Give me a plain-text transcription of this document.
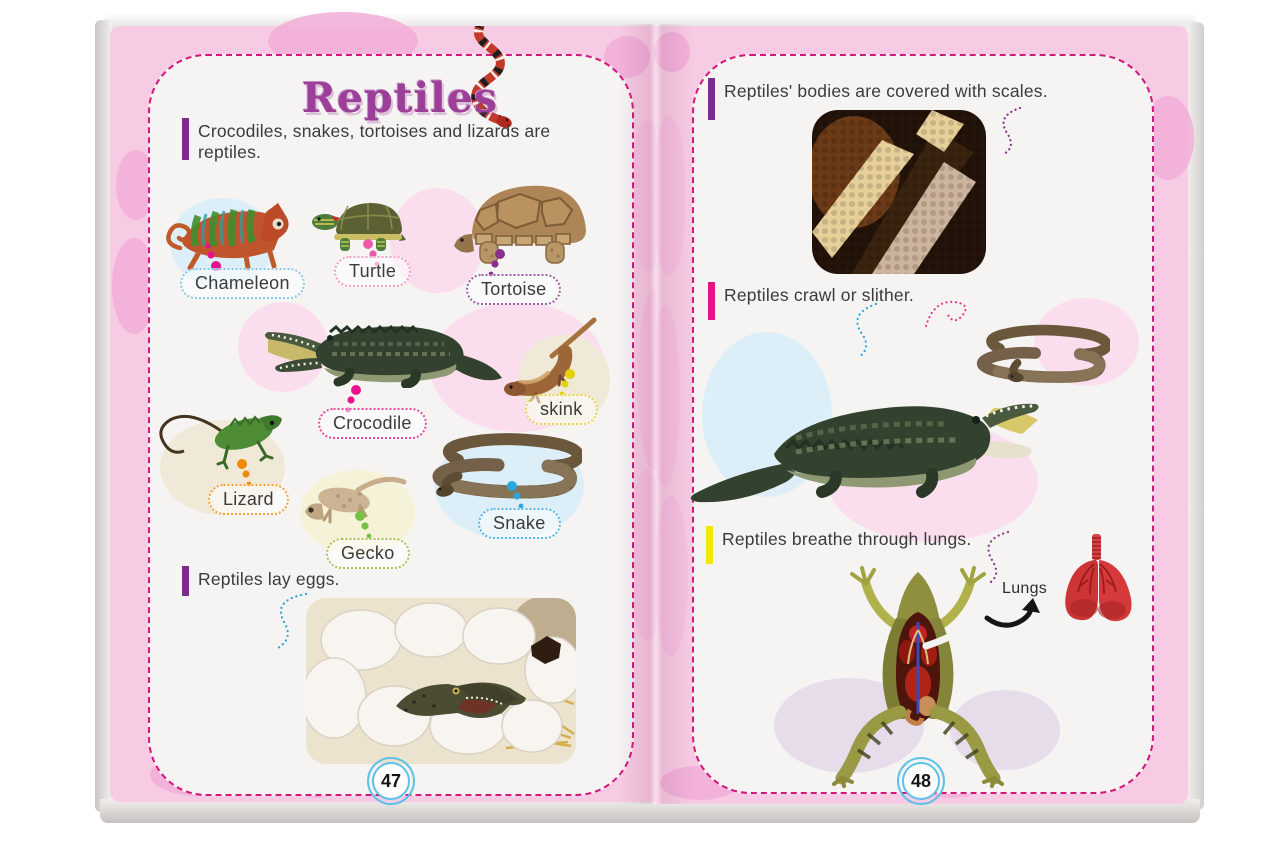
Reptiles
Crocodiles, snakes, tortoises and lizards are reptiles.
Chameleon
Turtle
Tortoise
skink
Crocodile
Lizard
Gecko
Snake
Reptiles lay eggs.
47
Reptiles' bodies are covered with scales.
Reptiles crawl or slither.
Reptiles breathe through lungs.
Lungs
48
